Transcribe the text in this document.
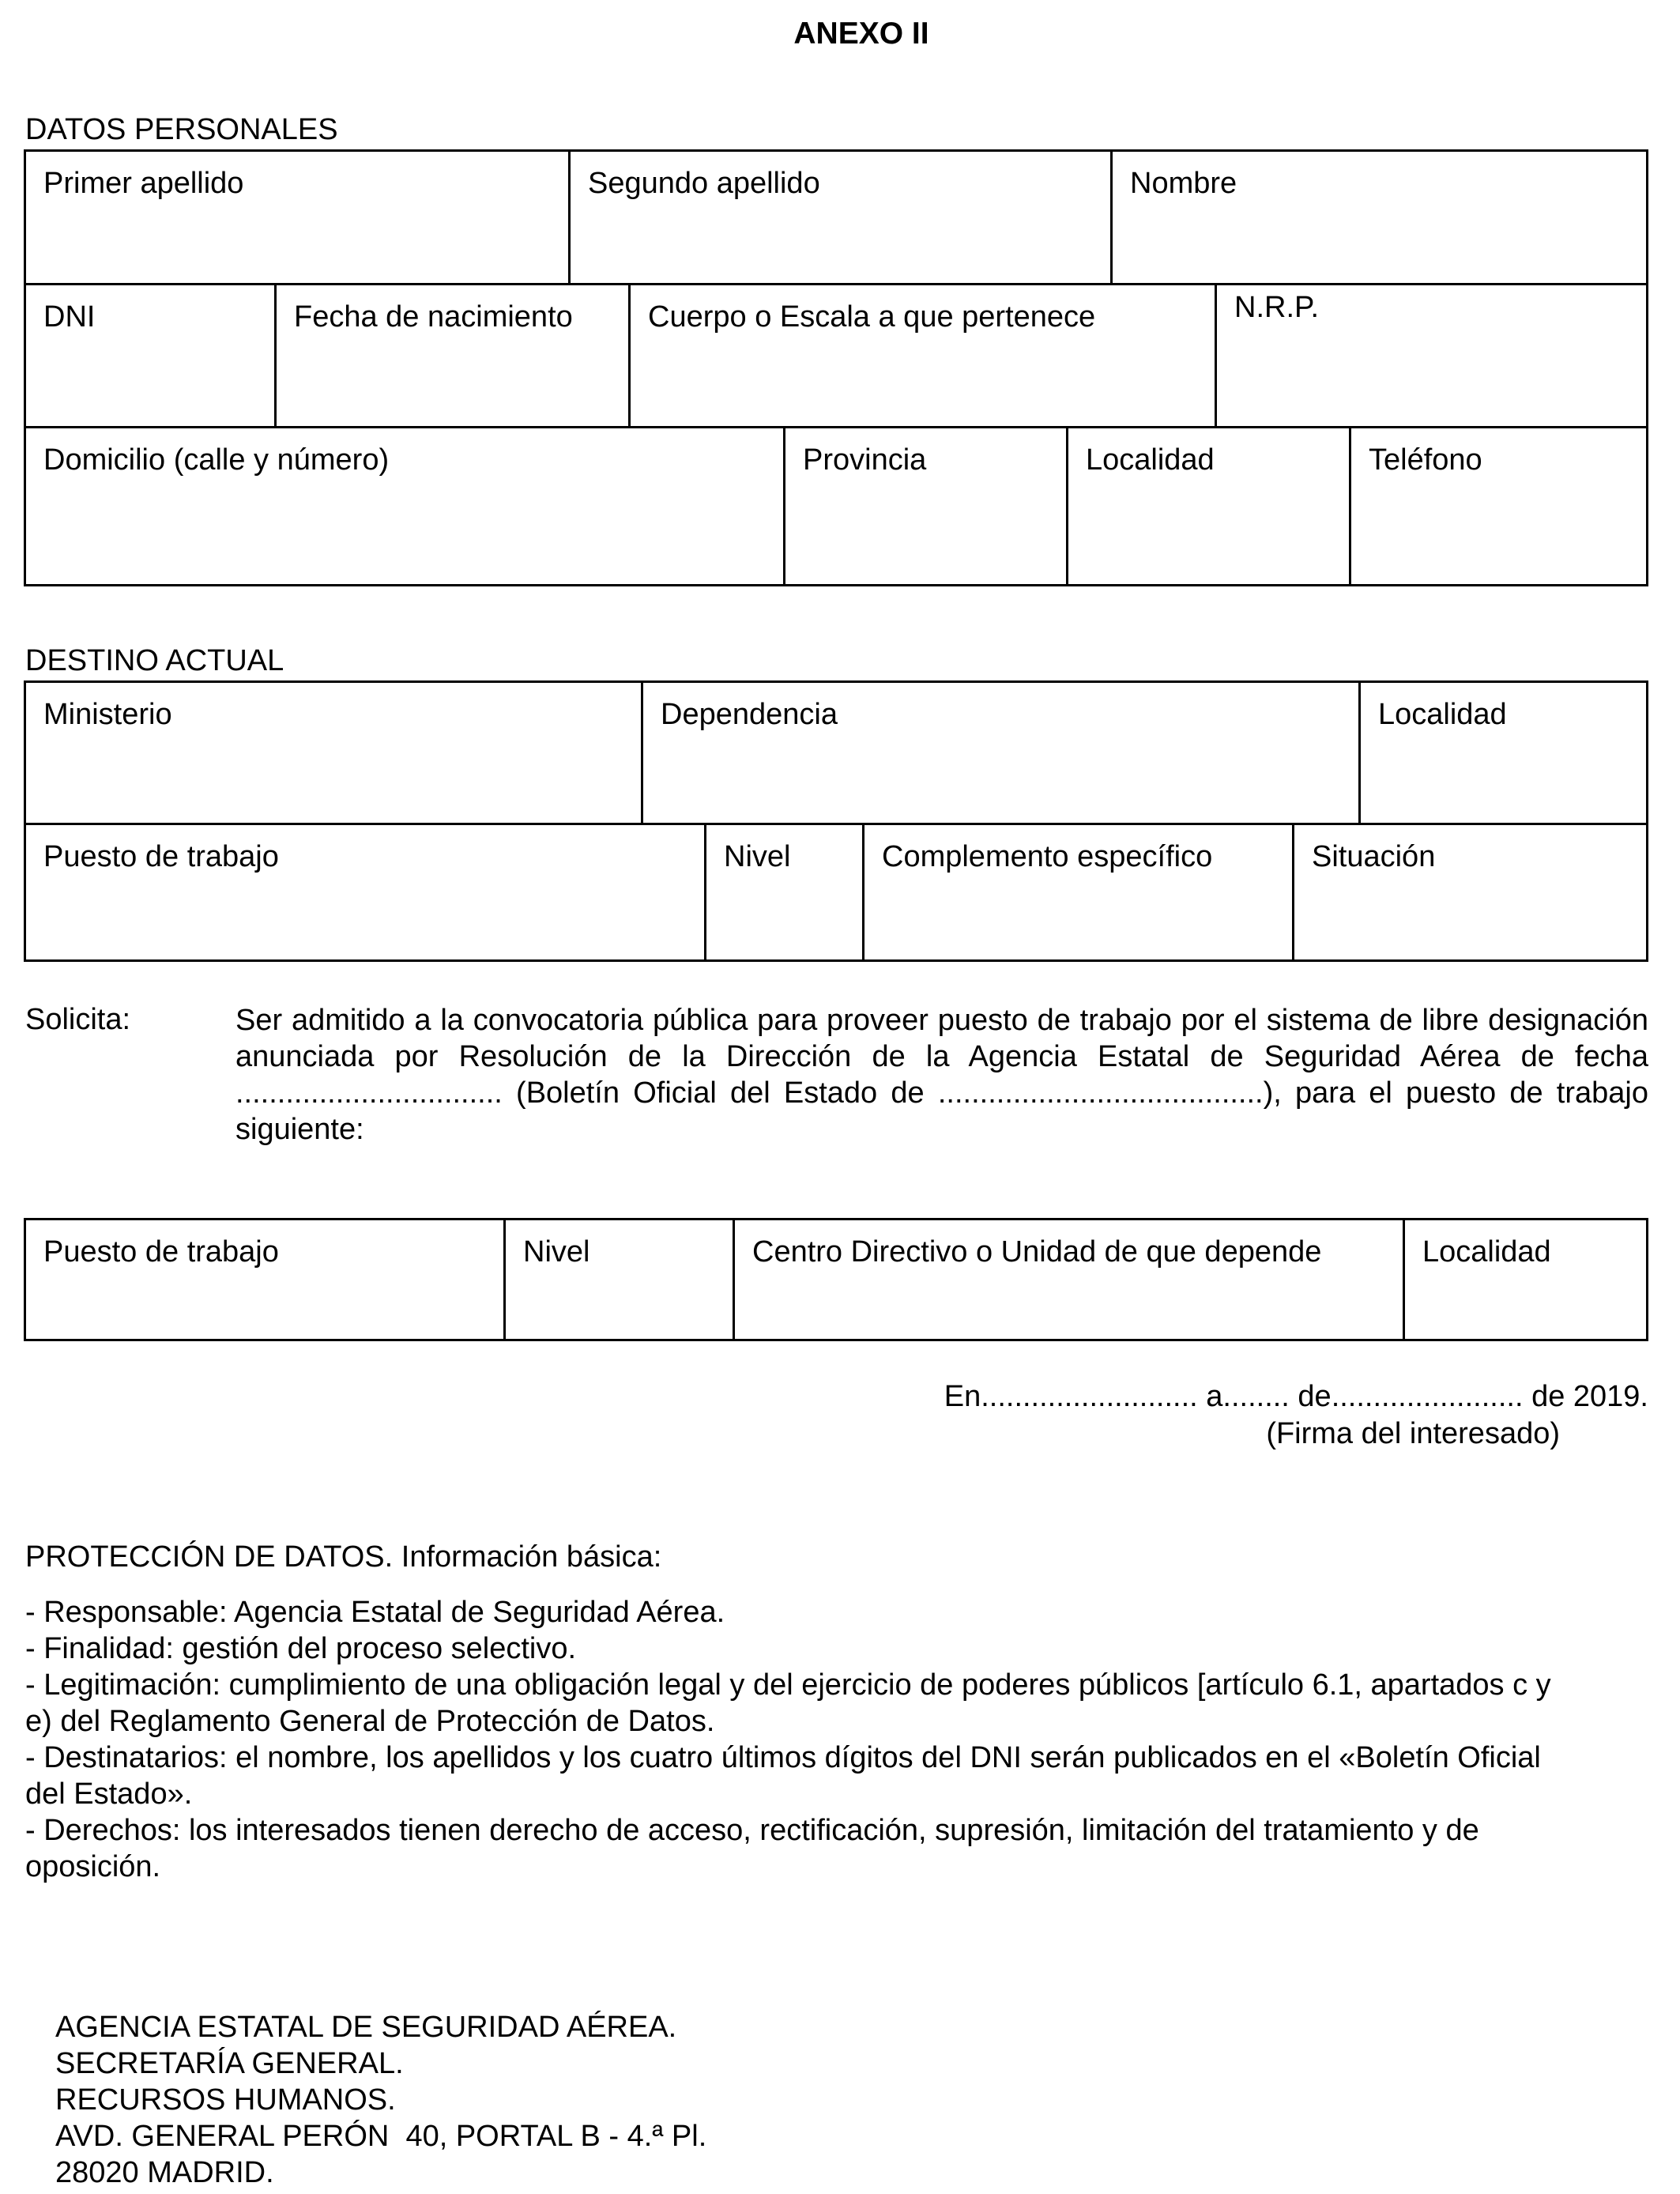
ANEXO II
DATOS PERSONALES
Primer apellido	Segundo apellido	Nombre
DNI	Fecha de nacimiento	Cuerpo o Escala a que pertenece	N.R.P.
Domicilio (calle y número)	Provincia	Localidad	Teléfono
DESTINO ACTUAL
Ministerio	Dependencia	Localidad
Puesto de trabajo	Nivel	Complemento específico	Situación
Solicita:	Ser admitido a la convocatoria pública para proveer puesto de trabajo por el sistema de libre designación anunciada por Resolución de la Dirección de la Agencia Estatal de Seguridad Aérea de fecha ................................ (Boletín Oficial del Estado de .......................................), para el puesto de trabajo siguiente:
Puesto de trabajo	Nivel	Centro Directivo o Unidad de que depende	Localidad
En.......................... a........ de....................... de 2019.
(Firma del interesado)
PROTECCIÓN DE DATOS. Información básica:
- Responsable: Agencia Estatal de Seguridad Aérea.
- Finalidad: gestión del proceso selectivo.
- Legitimación: cumplimiento de una obligación legal y del ejercicio de poderes públicos [artículo 6.1, apartados c y e) del Reglamento General de Protección de Datos.
- Destinatarios: el nombre, los apellidos y los cuatro últimos dígitos del DNI serán publicados en el «Boletín Oficial del Estado».
- Derechos: los interesados tienen derecho de acceso, rectificación, supresión, limitación del tratamiento y de oposición.
AGENCIA ESTATAL DE SEGURIDAD AÉREA.
SECRETARÍA GENERAL.
RECURSOS HUMANOS.
AVD. GENERAL PERÓN  40, PORTAL B - 4.ª Pl.
28020 MADRID.
